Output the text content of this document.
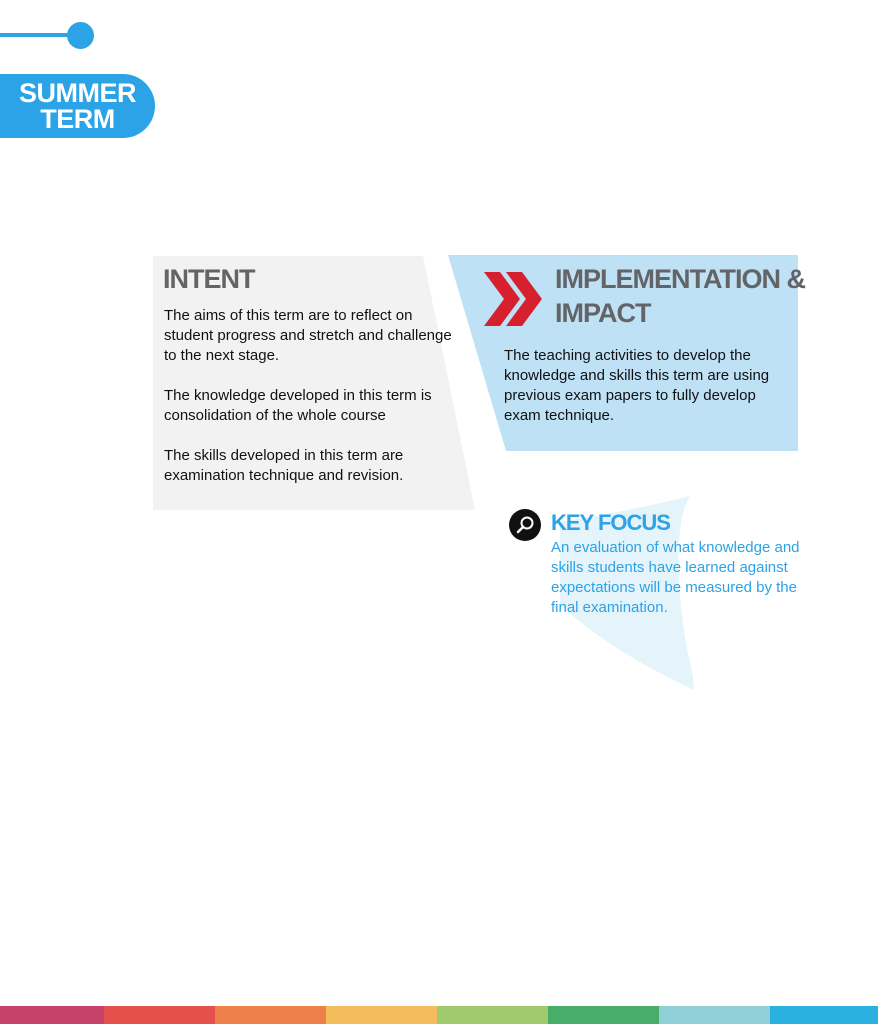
SUMMER
TERM
INTENT

The aims of this term are to reflect on student progress and stretch and challenge to the next stage.

The knowledge developed in this term is consolidation of the whole course

The skills developed in this term are examination technique and revision.

IMPLEMENTATION & IMPACT
The teaching activities to develop the knowledge and skills this term are using previous exam papers to fully develop exam technique.
KEY FOCUS
An evaluation of what knowledge and skills students have learned against expectations will be measured by the final examination.
